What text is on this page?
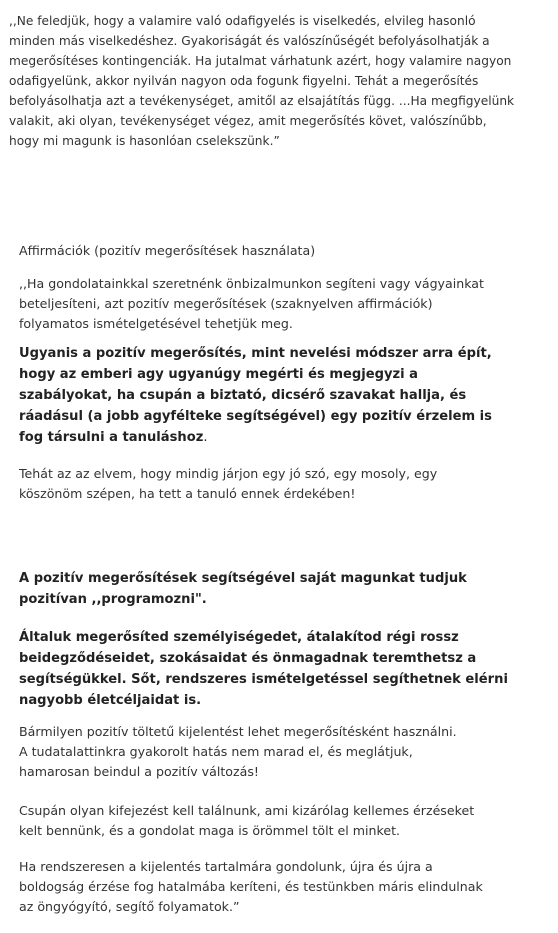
,,Ne feledjük, hogy a valamire való odafigyelés is viselkedés, elvileg hasonló
minden más viselkedéshez. Gyakoriságát és valószínűségét befolyásolhatják a
megerősítéses kontingenciák. Ha jutalmat várhatunk azért, hogy valamire nagyon
odafigyelünk, akkor nyilván nagyon oda fogunk figyelni. Tehát a megerősítés
befolyásolhatja azt a tevékenységet, amitől az elsajátítás függ. ...Ha megfigyelünk
valakit, aki olyan, tevékenységet végez, amit megerősítés követ, valószínűbb,
hogy mi magunk is hasonlóan cselekszünk.”
Affirmációk (pozitív megerősítések használata)
,,Ha gondolatainkkal szeretnénk önbizalmunkon segíteni vagy vágyainkat
beteljesíteni, azt pozitív megerősítések (szaknyelven affirmációk)
folyamatos ismételgetésével tehetjük meg.
Ugyanis a pozitív megerősítés, mint nevelési módszer arra épít,
hogy az emberi agy ugyanúgy megérti és megjegyzi a
szabályokat, ha csupán a biztató, dicsérő szavakat hallja, és
ráadásul (a jobb agyfélteke segítségével) egy pozitív érzelem is
fog társulni a tanuláshoz.
Tehát az az elvem, hogy mindig járjon egy jó szó, egy mosoly, egy
köszönöm szépen, ha tett a tanuló ennek érdekében!
A pozitív megerősítések segítségével saját magunkat tudjuk
pozitívan ,,programozni".
Általuk megerősíted személyiségedet, átalakítod régi rossz
beidegződéseidet, szokásaidat és önmagadnak teremthetsz a
segítségükkel. Sőt, rendszeres ismételgetéssel segíthetnek elérni
nagyobb életcéljaidat is.
Bármilyen pozitív töltetű kijelentést lehet megerősítésként használni.
A tudatalattinkra gyakorolt hatás nem marad el, és meglátjuk,
hamarosan beindul a pozitív változás!
Csupán olyan kifejezést kell találnunk, ami kizárólag kellemes érzéseket
kelt bennünk, és a gondolat maga is örömmel tölt el minket.
Ha rendszeresen a kijelentés tartalmára gondolunk, újra és újra a
boldogság érzése fog hatalmába keríteni, és testünkben máris elindulnak
az öngyógyító, segítő folyamatok.”
